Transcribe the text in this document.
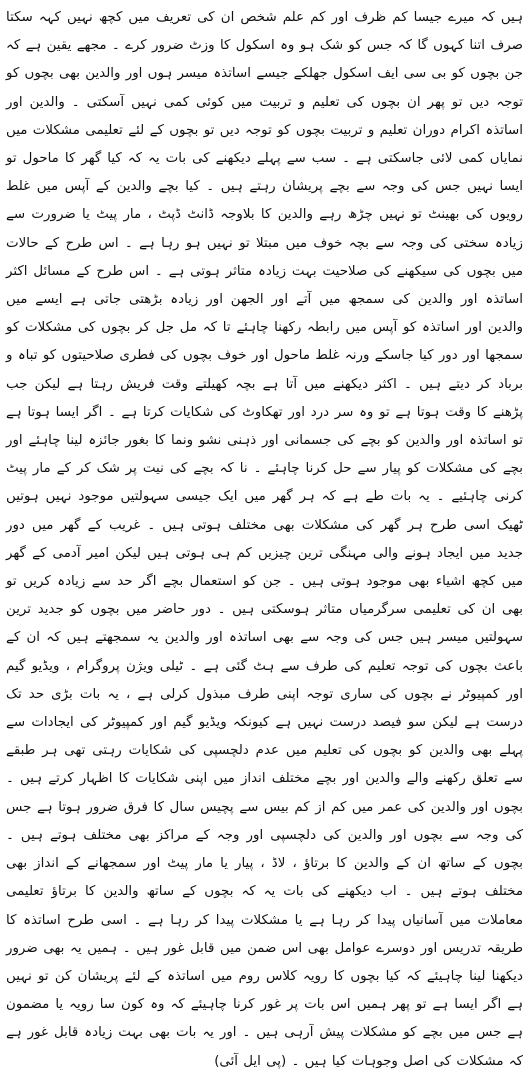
ہیں کہ میرے جیسا کم ظرف اور کم علم شخص ان کی تعریف میں کچھ نہیں کہہ سکتا صرف اتنا کہوں گا کہ جس کو شک ہو وہ اسکول کا وزٹ ضرور کرے ۔ مجھے یقین ہے کہ جن بچوں کو بی سی ایف اسکول جھلکے جیسے اساتذہ میسر ہوں اور والدین بھی بچوں کو توجہ دیں تو پھر ان بچوں کی تعلیم و تربیت میں کوئی کمی نہیں آسکتی ۔ والدین اور اساتذہ اکرام دوران تعلیم و تربیت بچوں کو توجہ دیں تو بچوں کے لئے تعلیمی مشکلات میں نمایاں کمی لائی جاسکتی ہے ۔ سب سے پہلے دیکھنے کی بات یہ کہ کیا گھر کا ماحول تو ایسا نہیں جس کی وجہ سے بچے پریشان رہتے ہیں ۔ کیا بچے والدین کے آپس میں غلط رویوں کی بھینٹ تو نہیں چڑھ رہے والدین کا بلاوجہ ڈانٹ ڈپٹ ، مار پیٹ یا ضرورت سے زیادہ سختی کی وجہ سے بچہ خوف میں مبتلا تو نہیں ہو رہا ہے ۔ اس طرح کے حالات میں بچوں کی سیکھنے کی صلاحیت بہت زیادہ متاثر ہوتی ہے ۔ اس طرح کے مسائل اکثر اساتذہ اور والدین کی سمجھ میں آتے اور الجھن اور زیادہ بڑھتی جاتی ہے ایسے میں والدین اور اساتذہ کو آپس میں رابطہ رکھنا چاہئے تا کہ مل جل کر بچوں کی مشکلات کو سمجھا اور دور کیا جاسکے ورنہ غلط ماحول اور خوف بچوں کی فطری صلاحیتوں کو تباہ و برباد کر دیتے ہیں ۔ اکثر دیکھنے میں آتا ہے بچہ کھیلتے وقت فریش رہتا ہے لیکن جب پڑھنے کا وقت ہوتا ہے تو وہ سر درد اور تھکاوٹ کی شکایات کرتا ہے ۔ اگر ایسا ہوتا ہے تو اساتذہ اور والدین کو بچے کی جسمانی اور ذہنی نشو ونما کا بغور جائزہ لینا چاہئے اور بچے کی مشکلات کو پیار سے حل کرنا چاہئے ۔ نا کہ بچے کی نیت پر شک کر کے مار پیٹ کرنی چاہئیے ۔ یہ بات طے ہے کہ ہر گھر میں ایک جیسی سہولتیں موجود نہیں ہوتیں ٹھیک اسی طرح ہر گھر کی مشکلات بھی مختلف ہوتی ہیں ۔ غریب کے گھر میں دور جدید میں ایجاد ہونے والی مہنگی ترین چیزیں کم ہی ہوتی ہیں لیکن امیر آدمی کے گھر میں کچھ اشیاء بھی موجود ہوتی ہیں ۔ جن کو استعمال بچے اگر حد سے زیادہ کریں تو بھی ان کی تعلیمی سرگرمیاں متاثر ہوسکتی ہیں ۔ دور حاضر میں بچوں کو جدید ترین سہولتیں میسر ہیں جس کی وجہ سے بھی اساتذہ اور والدین یہ سمجھتے ہیں کہ ان کے باعث بچوں کی توجہ تعلیم کی طرف سے ہٹ گئی ہے ۔ ٹیلی ویژن پروگرام ، ویڈیو گیم اور کمپیوٹر نے بچوں کی ساری توجہ اپنی طرف مبذول کرلی ہے ، یہ بات بڑی حد تک درست ہے لیکن سو فیصد درست نہیں ہے کیونکہ ویڈیو گیم اور کمپیوٹر کی ایجادات سے پہلے بھی والدین کو بچوں کی تعلیم میں عدم دلچسپی کی شکایات رہتی تھی ہر طبقے سے تعلق رکھنے والے والدین اور بچے مختلف انداز میں اپنی شکایات کا اظہار کرتے ہیں ۔ بچوں اور والدین کی عمر میں کم از کم بیس سے پچیس سال کا فرق ضرور ہوتا ہے جس کی وجہ سے بچوں اور والدین کی دلچسپی اور وجہ کے مراکز بھی مختلف ہوتے ہیں ۔ بچوں کے ساتھ ان کے والدین کا برتاؤ ، لاڈ ، پیار یا مار پیٹ اور سمجھانے کے انداز بھی مختلف ہوتے ہیں ۔ اب دیکھنے کی بات یہ کہ بچوں کے ساتھ والدین کا برتاؤ تعلیمی معاملات میں آسانیاں پیدا کر رہا ہے یا مشکلات پیدا کر رہا ہے ۔ اسی طرح اساتذہ کا طریقہ تدریس اور دوسرے عوامل بھی اس ضمن میں قابل غور ہیں ۔ ہمیں یہ بھی ضرور دیکھنا لینا چاہیئے کہ کیا بچوں کا رویہ کلاس روم میں اساتذہ کے لئے پریشان کن تو نہیں ہے اگر ایسا ہے تو پھر ہمیں اس بات پر غور کرنا چاہیئے کہ وہ کون سا رویہ یا مضمون ہے جس میں بچے کو مشکلات پیش آرہی ہیں ۔ اور یہ بات بھی بہت زیادہ قابل غور ہے کہ مشکلات کی اصل وجوہات کیا ہیں ۔ (پی ایل آئی)
